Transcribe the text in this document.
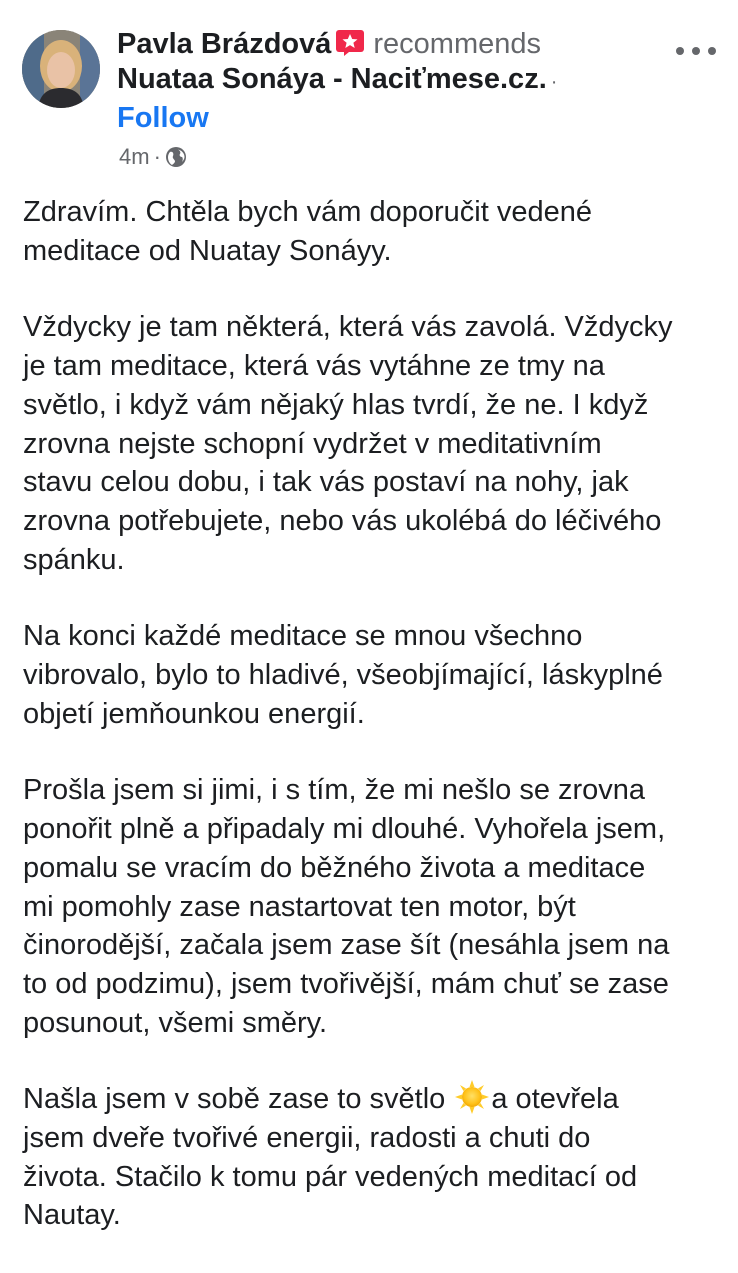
Pavla Brázdová recommends
Nuataa Sonáya - Naciťmese.cz. ·
Follow
4m ·
Zdravím. Chtěla bych vám doporučit vedené
meditace od Nuatay Sonáyy.
Vždycky je tam některá, která vás zavolá. Vždycky
je tam meditace, která vás vytáhne ze tmy na
světlo, i když vám nějaký hlas tvrdí, že ne. I když
zrovna nejste schopní vydržet v meditativním
stavu celou dobu, i tak vás postaví na nohy, jak
zrovna potřebujete, nebo vás ukolébá do léčivého
spánku.
Na konci každé meditace se mnou všechno
vibrovalo, bylo to hladivé, všeobjímající, láskyplné
objetí jemňounkou energií.
Prošla jsem si jimi, i s tím, že mi nešlo se zrovna
ponořit plně a připadaly mi dlouhé. Vyhořela jsem,
pomalu se vracím do běžného života a meditace
mi pomohly zase nastartovat ten motor, být
činorodější, začala jsem zase šít (nesáhla jsem na
to od podzimu), jsem tvořivější, mám chuť se zase
posunout, všemi směry.
Našla jsem v sobě zase to světlo a otevřela
jsem dveře tvořivé energii, radosti a chuti do
života. Stačilo k tomu pár vedených meditací od
Nautay.
